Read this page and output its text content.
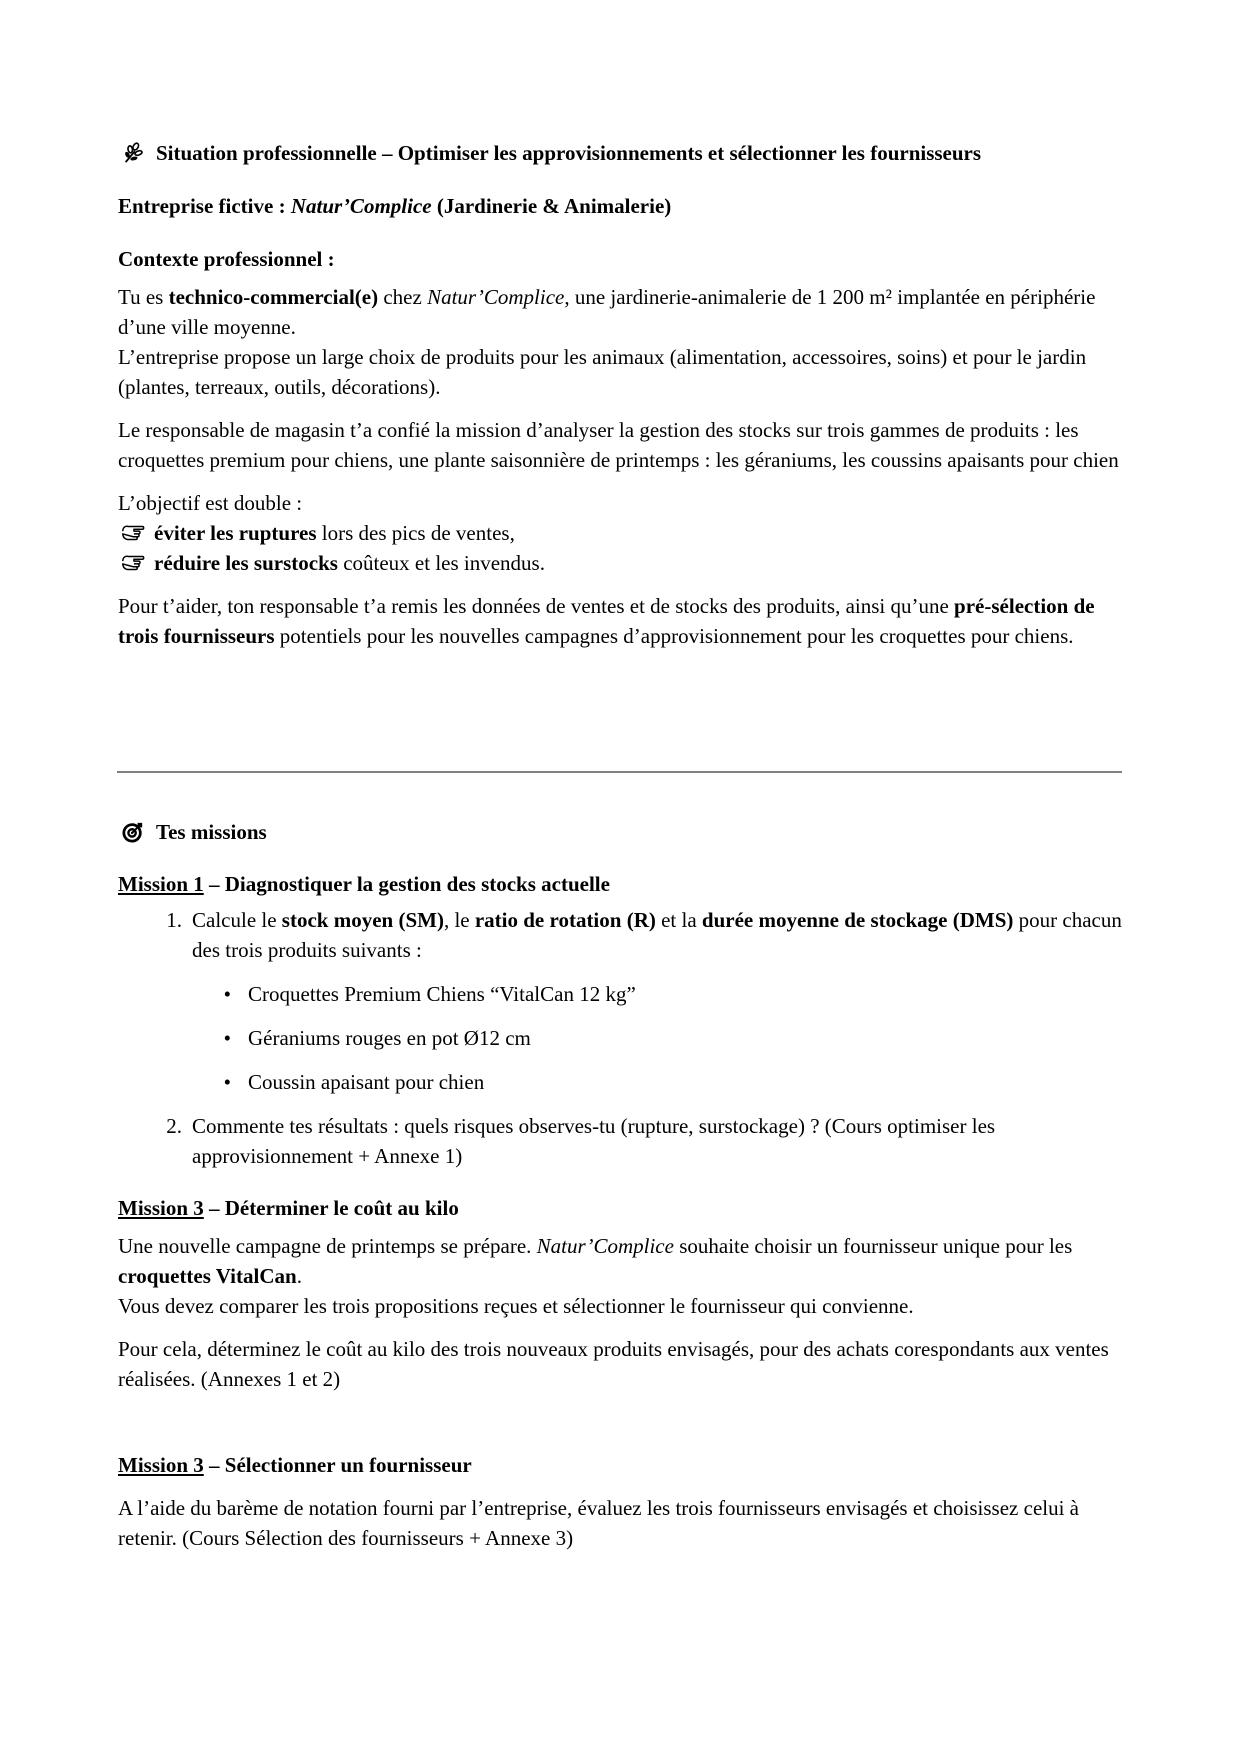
Situation professionnelle – Optimiser les approvisionnements et sélectionner les fournisseurs

Entreprise fictive : Natur’Complice (Jardinerie & Animalerie)

Contexte professionnel :

Tu es technico-commercial(e) chez Natur’Complice, une jardinerie-animalerie de 1 200 m² implantée en périphérie d’une ville moyenne.
L’entreprise propose un large choix de produits pour les animaux (alimentation, accessoires, soins) et pour le jardin (plantes, terreaux, outils, décorations).

Le responsable de magasin t’a confié la mission d’analyser la gestion des stocks sur trois gammes de produits : les croquettes premium pour chiens, une plante saisonnière de printemps : les géraniums, les coussins apaisants pour chien

L’objectif est double :

éviter les ruptures lors des pics de ventes,

réduire les surstocks coûteux et les invendus.

Pour t’aider, ton responsable t’a remis les données de ventes et de stocks des produits, ainsi qu’une pré-sélection de trois fournisseurs potentiels pour les nouvelles campagnes d’approvisionnement pour les croquettes pour chiens.

Tes missions

Mission 1 – Diagnostiquer la gestion des stocks actuelle

1. Calcule le stock moyen (SM), le ratio de rotation (R) et la durée moyenne de stockage (DMS) pour chacun des trois produits suivants :

• Croquettes Premium Chiens “VitalCan 12 kg”
• Géraniums rouges en pot Ø12 cm
• Coussin apaisant pour chien
2. Commente tes résultats : quels risques observes-tu (rupture, surstockage) ? (Cours optimiser les approvisionnement + Annexe 1)

Mission 3 – Déterminer le coût au kilo

Une nouvelle campagne de printemps se prépare. Natur’Complice souhaite choisir un fournisseur unique pour les croquettes VitalCan.
Vous devez comparer les trois propositions reçues et sélectionner le fournisseur qui convienne.

Pour cela, déterminez le coût au kilo des trois nouveaux produits envisagés, pour des achats corespondants aux ventes réalisées. (Annexes 1 et 2)

Mission 3 – Sélectionner un fournisseur

A l’aide du barème de notation fourni par l’entreprise, évaluez les trois fournisseurs envisagés et choisissez celui à retenir. (Cours Sélection des fournisseurs + Annexe 3)
